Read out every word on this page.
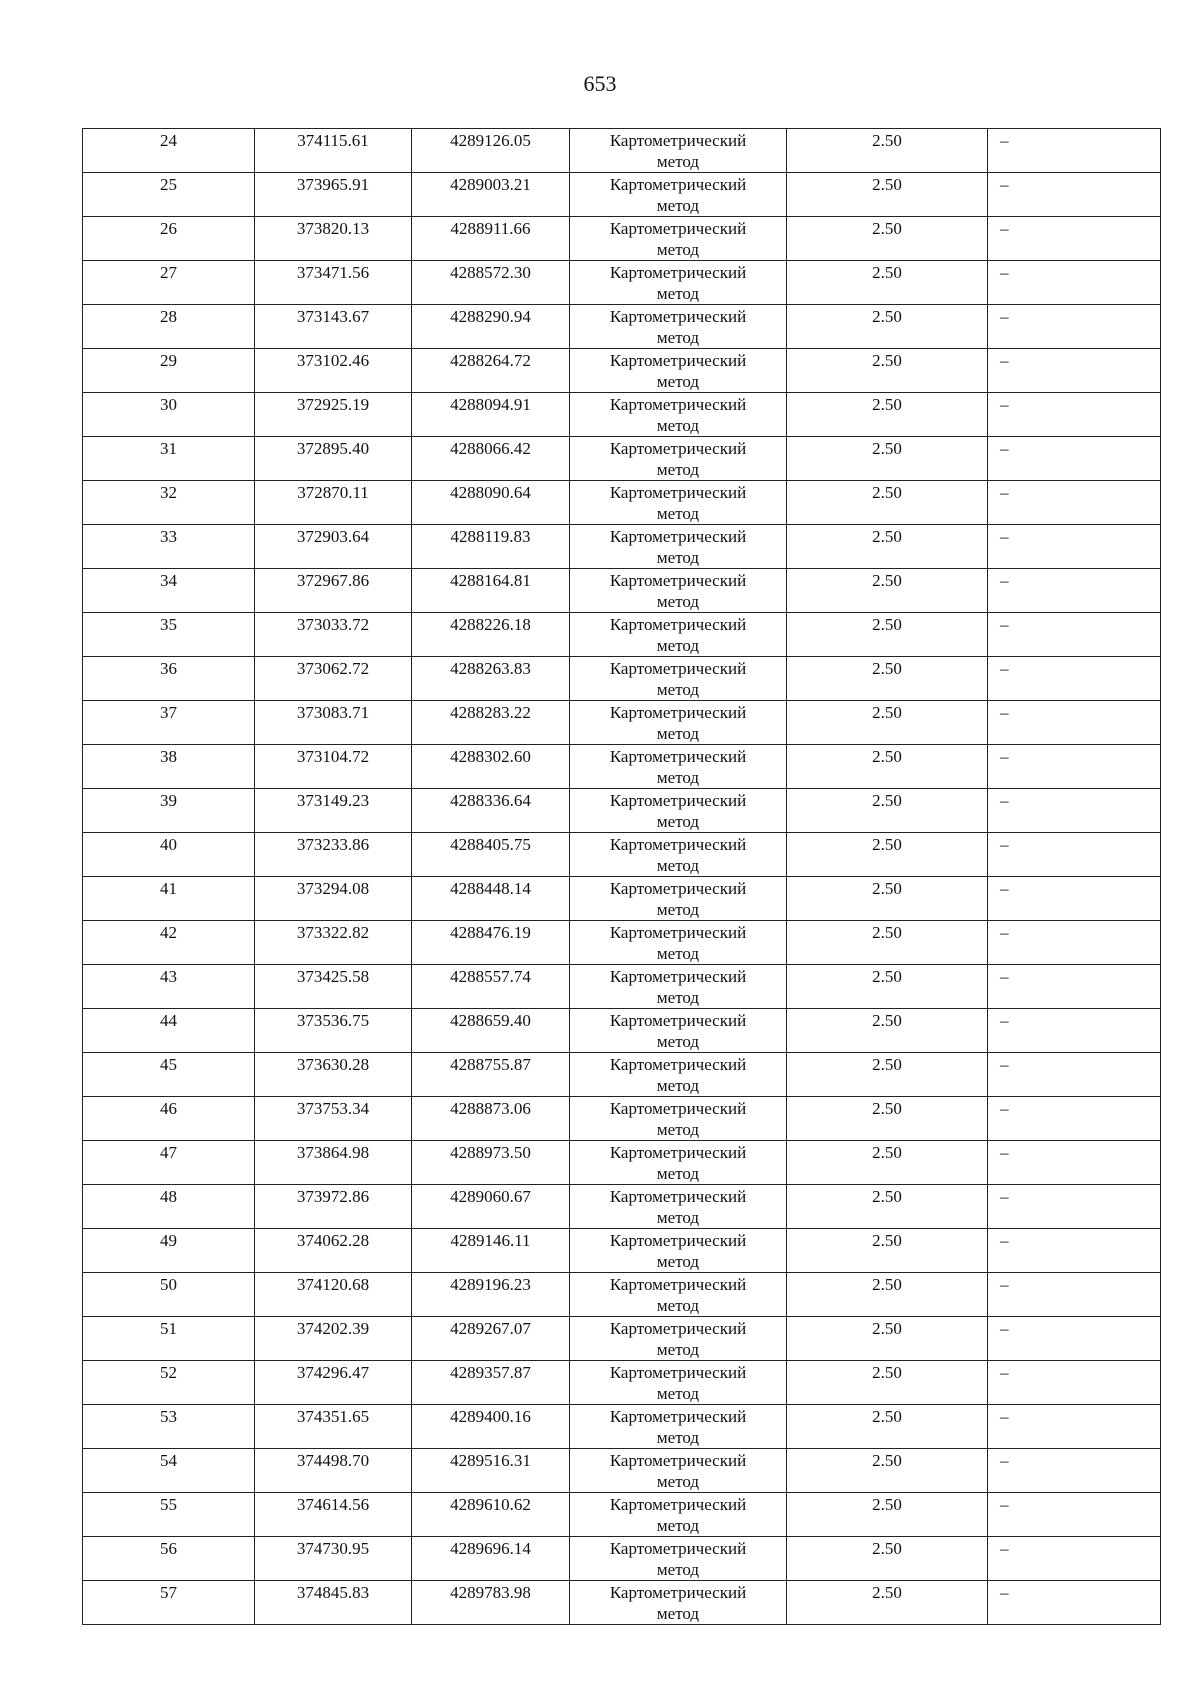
653
24	374115.61	4289126.05	Картометрический метод	2.50	–
25	373965.91	4289003.21	Картометрический метод	2.50	–
26	373820.13	4288911.66	Картометрический метод	2.50	–
27	373471.56	4288572.30	Картометрический метод	2.50	–
28	373143.67	4288290.94	Картометрический метод	2.50	–
29	373102.46	4288264.72	Картометрический метод	2.50	–
30	372925.19	4288094.91	Картометрический метод	2.50	–
31	372895.40	4288066.42	Картометрический метод	2.50	–
32	372870.11	4288090.64	Картометрический метод	2.50	–
33	372903.64	4288119.83	Картометрический метод	2.50	–
34	372967.86	4288164.81	Картометрический метод	2.50	–
35	373033.72	4288226.18	Картометрический метод	2.50	–
36	373062.72	4288263.83	Картометрический метод	2.50	–
37	373083.71	4288283.22	Картометрический метод	2.50	–
38	373104.72	4288302.60	Картометрический метод	2.50	–
39	373149.23	4288336.64	Картометрический метод	2.50	–
40	373233.86	4288405.75	Картометрический метод	2.50	–
41	373294.08	4288448.14	Картометрический метод	2.50	–
42	373322.82	4288476.19	Картометрический метод	2.50	–
43	373425.58	4288557.74	Картометрический метод	2.50	–
44	373536.75	4288659.40	Картометрический метод	2.50	–
45	373630.28	4288755.87	Картометрический метод	2.50	–
46	373753.34	4288873.06	Картометрический метод	2.50	–
47	373864.98	4288973.50	Картометрический метод	2.50	–
48	373972.86	4289060.67	Картометрический метод	2.50	–
49	374062.28	4289146.11	Картометрический метод	2.50	–
50	374120.68	4289196.23	Картометрический метод	2.50	–
51	374202.39	4289267.07	Картометрический метод	2.50	–
52	374296.47	4289357.87	Картометрический метод	2.50	–
53	374351.65	4289400.16	Картометрический метод	2.50	–
54	374498.70	4289516.31	Картометрический метод	2.50	–
55	374614.56	4289610.62	Картометрический метод	2.50	–
56	374730.95	4289696.14	Картометрический метод	2.50	–
57	374845.83	4289783.98	Картометрический метод	2.50	–
